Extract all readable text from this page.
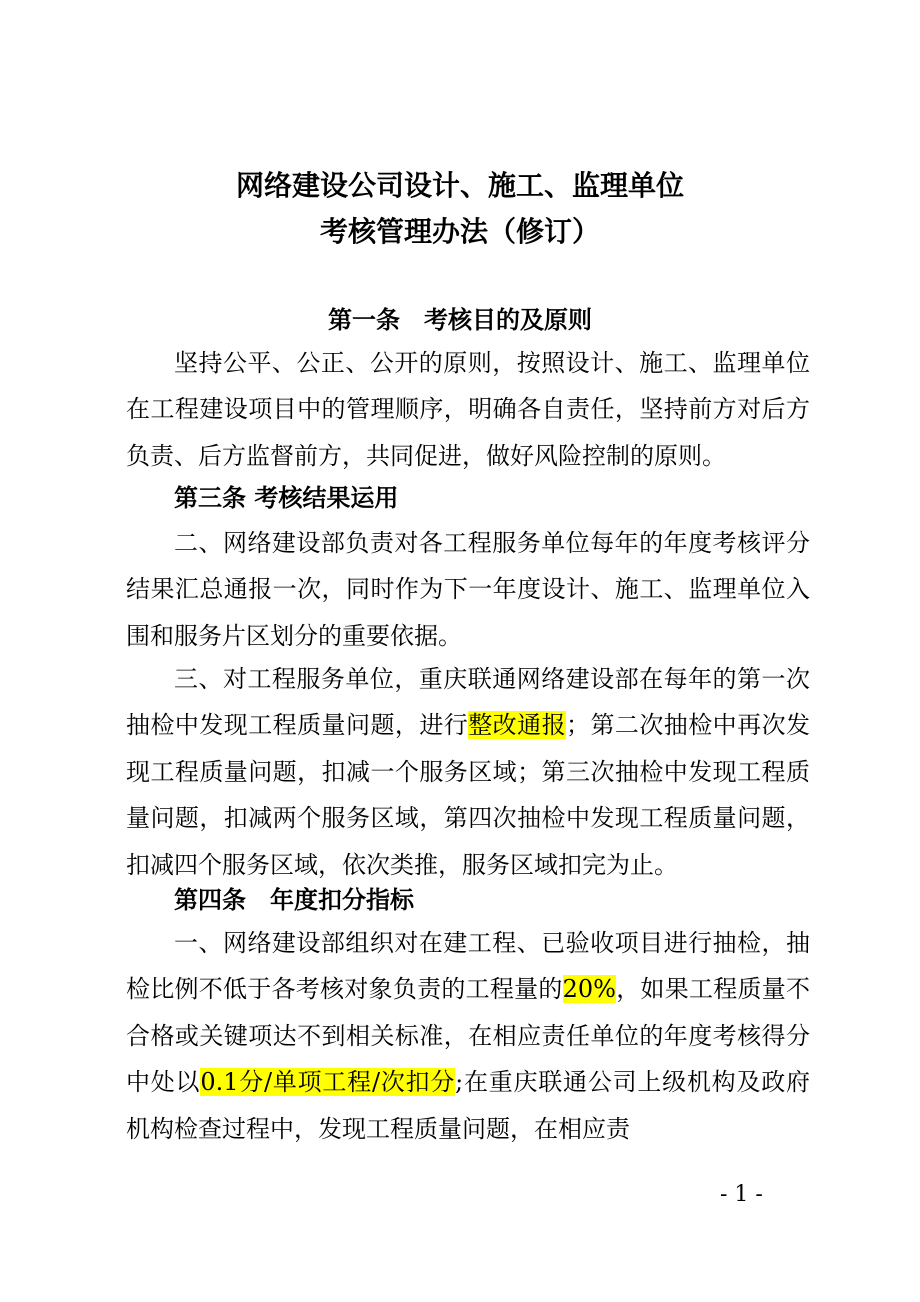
网络建设公司设计、施工、监理单位
考核管理办法（修订）
第一条　考核目的及原则

坚持公平、公正、公开的原则，按照设计、施工、监理单位在工程建设项目中的管理顺序，明确各自责任，坚持前方对后方负责、后方监督前方，共同促进，做好风险控制的原则。

第三条 考核结果运用

二、网络建设部负责对各工程服务单位每年的年度考核评分结果汇总通报一次，同时作为下一年度设计、施工、监理单位入围和服务片区划分的重要依据。

三、对工程服务单位，重庆联通网络建设部在每年的第一次抽检中发现工程质量问题，进行整改通报；第二次抽检中再次发现工程质量问题，扣减一个服务区域；第三次抽检中发现工程质量问题，扣减两个服务区域，第四次抽检中发现工程质量问题，扣减四个服务区域，依次类推，服务区域扣完为止。

第四条　年度扣分指标

一、网络建设部组织对在建工程、已验收项目进行抽检，抽检比例不低于各考核对象负责的工程量的20%，如果工程质量不合格或关键项达不到相关标准，在相应责任单位的年度考核得分中处以0.1分/单项工程/次扣分;在重庆联通公司上级机构及政府机构检查过程中，发现工程质量问题，在相应责

- 1 -
